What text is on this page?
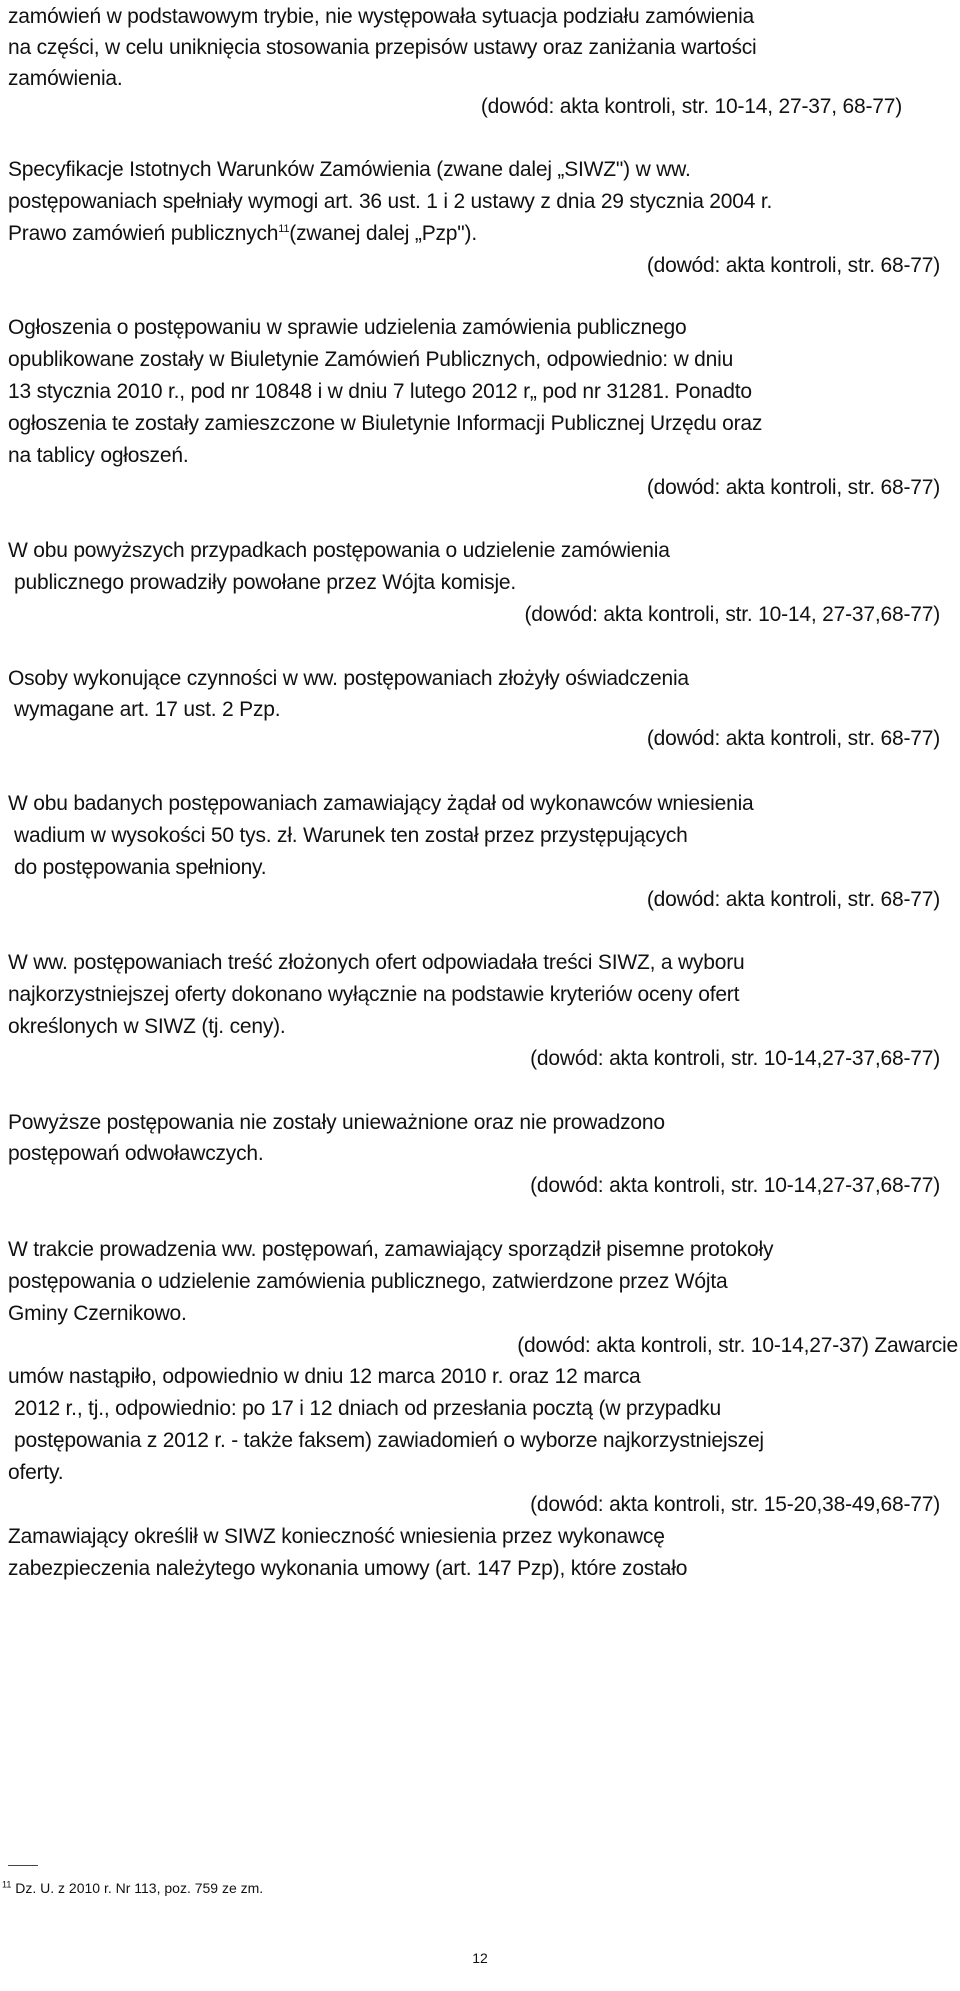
zamówień w podstawowym trybie, nie występowała sytuacja podziału zamówienia
na części, w celu uniknięcia stosowania przepisów ustawy oraz zaniżania wartości
zamówienia.
(dowód: akta kontroli, str. 10-14, 27-37, 68-77)
Specyfikacje Istotnych Warunków Zamówienia (zwane dalej „SIWZ") w ww.
postępowaniach spełniały wymogi art. 36 ust. 1 i 2 ustawy z dnia 29 stycznia 2004 r.
Prawo zamówień publicznych$^{11}$(zwanej dalej „Pzp").
(dowód: akta kontroli, str. 68-77)
Ogłoszenia o postępowaniu w sprawie udzielenia zamówienia publicznego
opublikowane zostały w Biuletynie Zamówień Publicznych, odpowiednio: w dniu
13 stycznia 2010 r., pod nr 10848 i w dniu 7 lutego 2012 r„ pod nr 31281. Ponadto
ogłoszenia te zostały zamieszczone w Biuletynie Informacji Publicznej Urzędu oraz
na tablicy ogłoszeń.
(dowód: akta kontroli, str. 68-77)
W obu powyższych przypadkach postępowania o udzielenie zamówienia
publicznego prowadziły powołane przez Wójta komisje.
(dowód: akta kontroli, str. 10-14, 27-37,68-77)
Osoby wykonujące czynności w ww. postępowaniach złożyły oświadczenia
wymagane art. 17 ust. 2 Pzp.
(dowód: akta kontroli, str. 68-77)
W obu badanych postępowaniach zamawiający żądał od wykonawców wniesienia
wadium w wysokości 50 tys. zł. Warunek ten został przez przystępujących
do postępowania spełniony.
(dowód: akta kontroli, str. 68-77)
W ww. postępowaniach treść złożonych ofert odpowiadała treści SIWZ, a wyboru
najkorzystniejszej oferty dokonano wyłącznie na podstawie kryteriów oceny ofert
określonych w SIWZ (tj. ceny).
(dowód: akta kontroli, str. 10-14,27-37,68-77)
Powyższe postępowania nie zostały unieważnione oraz nie prowadzono
postępowań odwoławczych.
(dowód: akta kontroli, str. 10-14,27-37,68-77)
W trakcie prowadzenia ww. postępowań, zamawiający sporządził pisemne protokoły
postępowania o udzielenie zamówienia publicznego, zatwierdzone przez Wójta
Gminy Czernikowo.
(dowód: akta kontroli, str. 10-14,27-37) Zawarcie
umów nastąpiło, odpowiednio w dniu 12 marca 2010 r. oraz 12 marca
2012 r., tj., odpowiednio: po 17 i 12 dniach od przesłania pocztą (w przypadku
postępowania z 2012 r. - także faksem) zawiadomień o wyborze najkorzystniejszej
oferty.
(dowód: akta kontroli, str. 15-20,38-49,68-77)
Zamawiający określił w SIWZ konieczność wniesienia przez wykonawcę
zabezpieczenia należytego wykonania umowy (art. 147 Pzp), które zostało
$^{11}$ Dz. U. z 2010 r. Nr 113, poz. 759 ze zm.
12
